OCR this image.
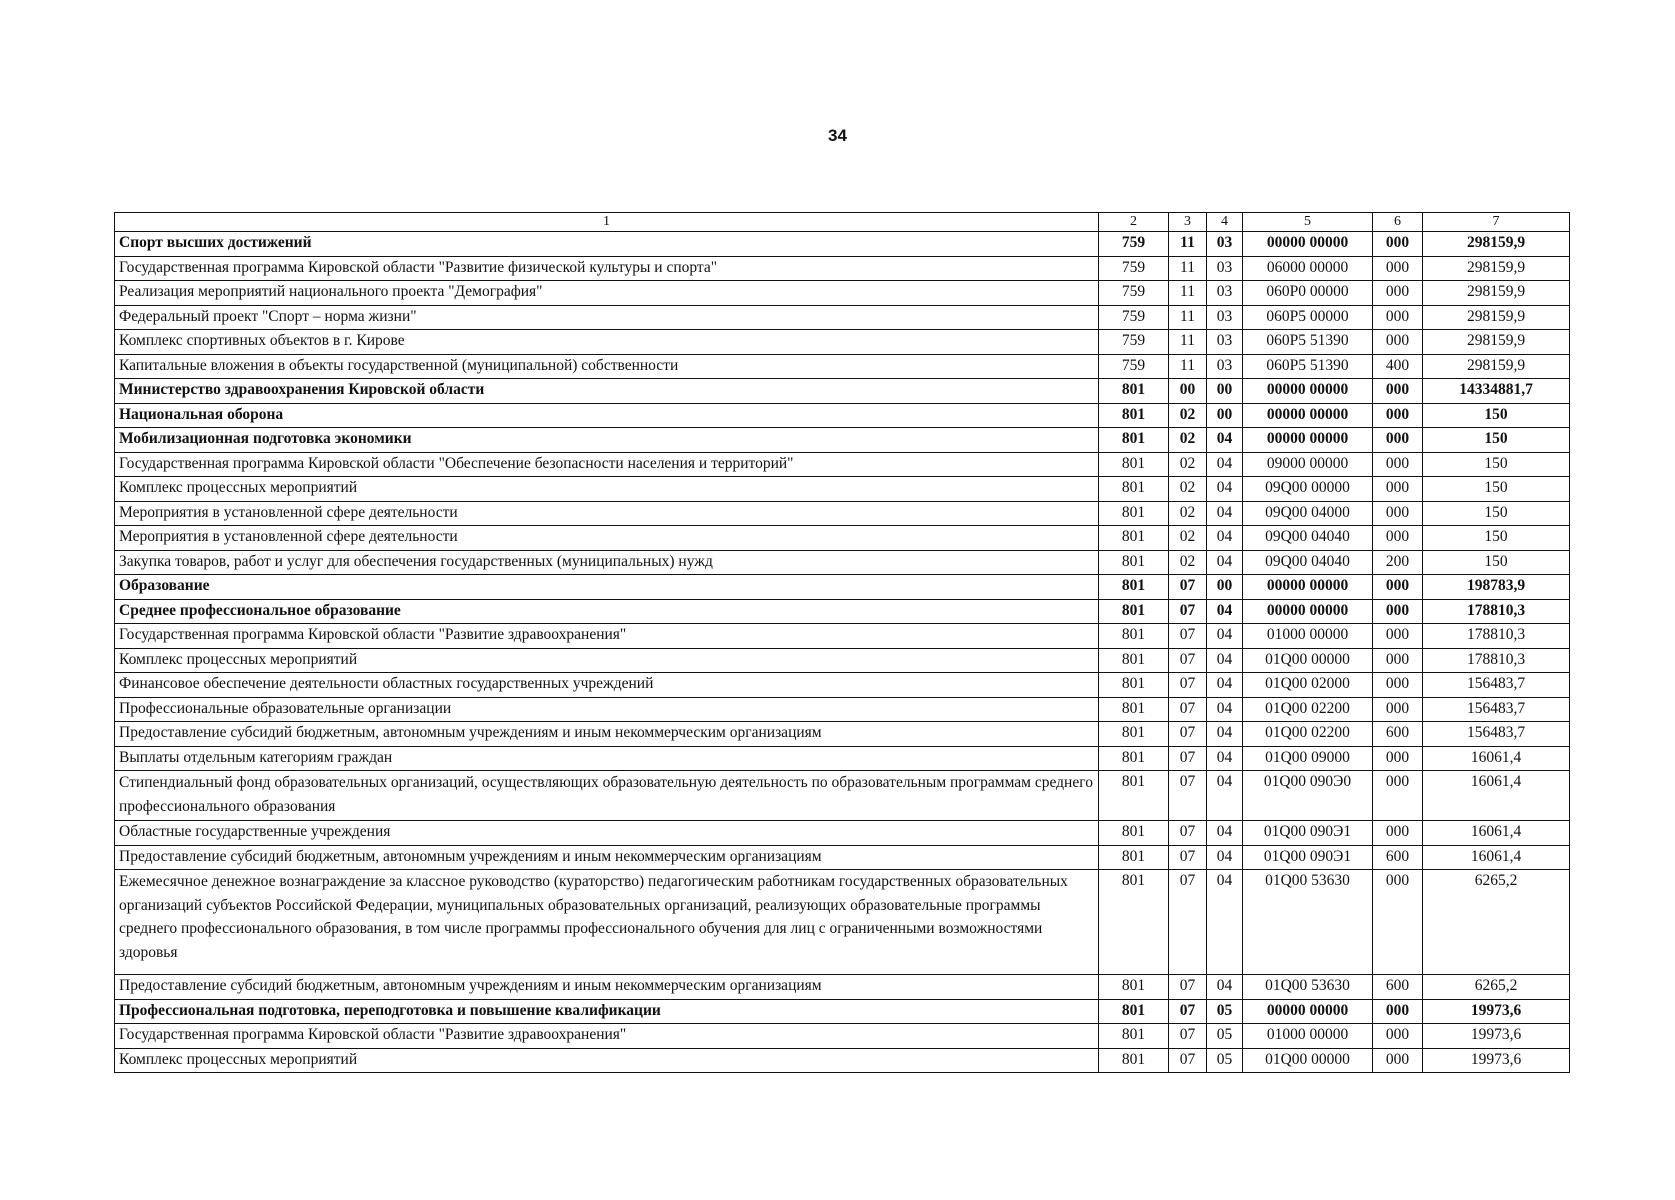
34
1	2	3	4	5	6	7
Спорт высших достижений	759	11	03	00000 00000	000	298159,9
Государственная программа Кировской области "Развитие физической культуры и спорта"	759	11	03	06000 00000	000	298159,9
Реализация мероприятий национального проекта "Демография"	759	11	03	060P0 00000	000	298159,9
Федеральный проект "Спорт – норма жизни"	759	11	03	060P5 00000	000	298159,9
Комплекс спортивных объектов в г. Кирове	759	11	03	060P5 51390	000	298159,9
Капитальные вложения в объекты государственной (муниципальной) собственности	759	11	03	060P5 51390	400	298159,9
Министерство здравоохранения Кировской области	801	00	00	00000 00000	000	14334881,7
Национальная оборона	801	02	00	00000 00000	000	150
Мобилизационная подготовка экономики	801	02	04	00000 00000	000	150
Государственная программа Кировской области "Обеспечение безопасности населения и территорий"	801	02	04	09000 00000	000	150
Комплекс процессных мероприятий	801	02	04	09Q00 00000	000	150
Мероприятия в установленной сфере деятельности	801	02	04	09Q00 04000	000	150
Мероприятия в установленной сфере деятельности	801	02	04	09Q00 04040	000	150
Закупка товаров, работ и услуг для обеспечения государственных (муниципальных) нужд	801	02	04	09Q00 04040	200	150
Образование	801	07	00	00000 00000	000	198783,9
Среднее профессиональное образование	801	07	04	00000 00000	000	178810,3
Государственная программа Кировской области "Развитие здравоохранения"	801	07	04	01000 00000	000	178810,3
Комплекс процессных мероприятий	801	07	04	01Q00 00000	000	178810,3
Финансовое обеспечение деятельности областных государственных учреждений	801	07	04	01Q00 02000	000	156483,7
Профессиональные образовательные организации	801	07	04	01Q00 02200	000	156483,7
Предоставление субсидий бюджетным, автономным учреждениям и иным некоммерческим организациям	801	07	04	01Q00 02200	600	156483,7
Выплаты отдельным категориям граждан	801	07	04	01Q00 09000	000	16061,4
Стипендиальный фонд образовательных организаций, осуществляющих образовательную деятельность по образовательным программам среднего профессионального образования	801	07	04	01Q00 090Э0	000	16061,4
Областные государственные учреждения	801	07	04	01Q00 090Э1	000	16061,4
Предоставление субсидий бюджетным, автономным учреждениям и иным некоммерческим организациям	801	07	04	01Q00 090Э1	600	16061,4
Ежемесячное денежное вознаграждение за классное руководство (кураторство) педагогическим работникам государственных образовательных организаций субъектов Российской Федерации, муниципальных образовательных организаций, реализующих образовательные программы среднего профессионального образования, в том числе программы профессионального обучения для лиц с ограниченными возможностями здоровья	801	07	04	01Q00 53630	000	6265,2
Предоставление субсидий бюджетным, автономным учреждениям и иным некоммерческим организациям	801	07	04	01Q00 53630	600	6265,2
Профессиональная подготовка, переподготовка и повышение квалификации	801	07	05	00000 00000	000	19973,6
Государственная программа Кировской области "Развитие здравоохранения"	801	07	05	01000 00000	000	19973,6
Комплекс процессных мероприятий	801	07	05	01Q00 00000	000	19973,6
